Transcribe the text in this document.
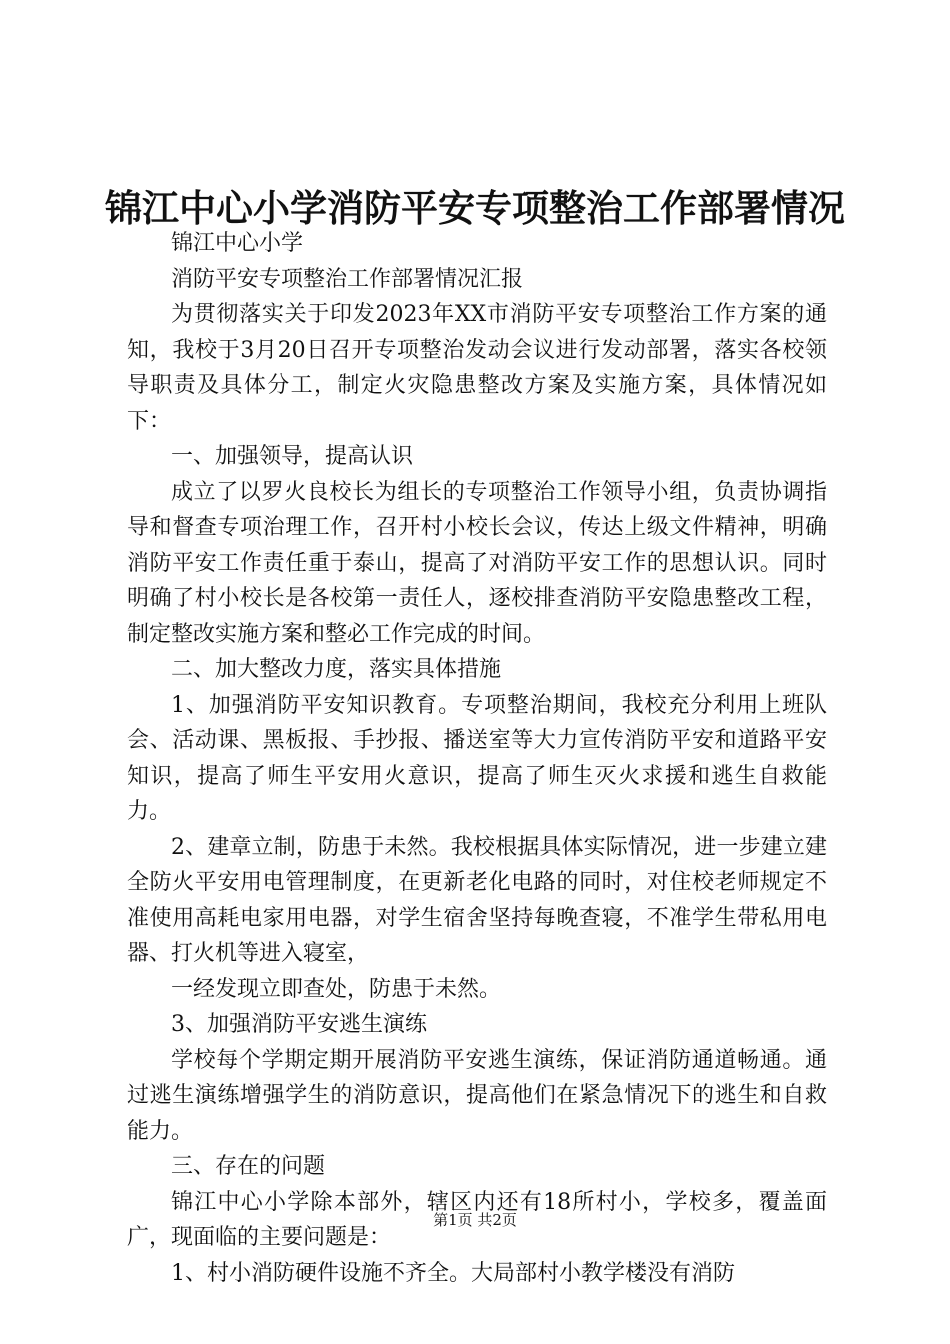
锦江中心小学消防平安专项整治工作部署情况

锦江中心小学

消防平安专项整治工作部署情况汇报

为贯彻落实关于印发2023年XX市消防平安专项整治工作方案的通知，我校于3月20日召开专项整治发动会议进行发动部署，落实各校领导职责及具体分工，制定火灾隐患整改方案及实施方案，具体情况如下：

一、加强领导，提高认识

成立了以罗火良校长为组长的专项整治工作领导小组，负责协调指导和督查专项治理工作，召开村小校长会议，传达上级文件精神，明确消防平安工作责任重于泰山，提高了对消防平安工作的思想认识。同时明确了村小校长是各校第一责任人，逐校排查消防平安隐患整改工程，制定整改实施方案和整必工作完成的时间。

二、加大整改力度，落实具体措施

1、加强消防平安知识教育。专项整治期间，我校充分利用上班队会、活动课、黑板报、手抄报、播送室等大力宣传消防平安和道路平安知识，提高了师生平安用火意识，提高了师生灭火求援和逃生自救能力。

2、建章立制，防患于未然。我校根据具体实际情况，进一步建立建全防火平安用电管理制度，在更新老化电路的同时，对住校老师规定不准使用高耗电家用电器，对学生宿舍坚持每晚查寝，不准学生带私用电器、打火机等进入寝室，

一经发现立即查处，防患于未然。

3、加强消防平安逃生演练

学校每个学期定期开展消防平安逃生演练，保证消防通道畅通。通过逃生演练增强学生的消防意识，提高他们在紧急情况下的逃生和自救能力。

三、存在的问题

锦江中心小学除本部外，辖区内还有18所村小，学校多，覆盖面广，现面临的主要问题是：

1、村小消防硬件设施不齐全。大局部村小教学楼没有消防

第1页 共2页
